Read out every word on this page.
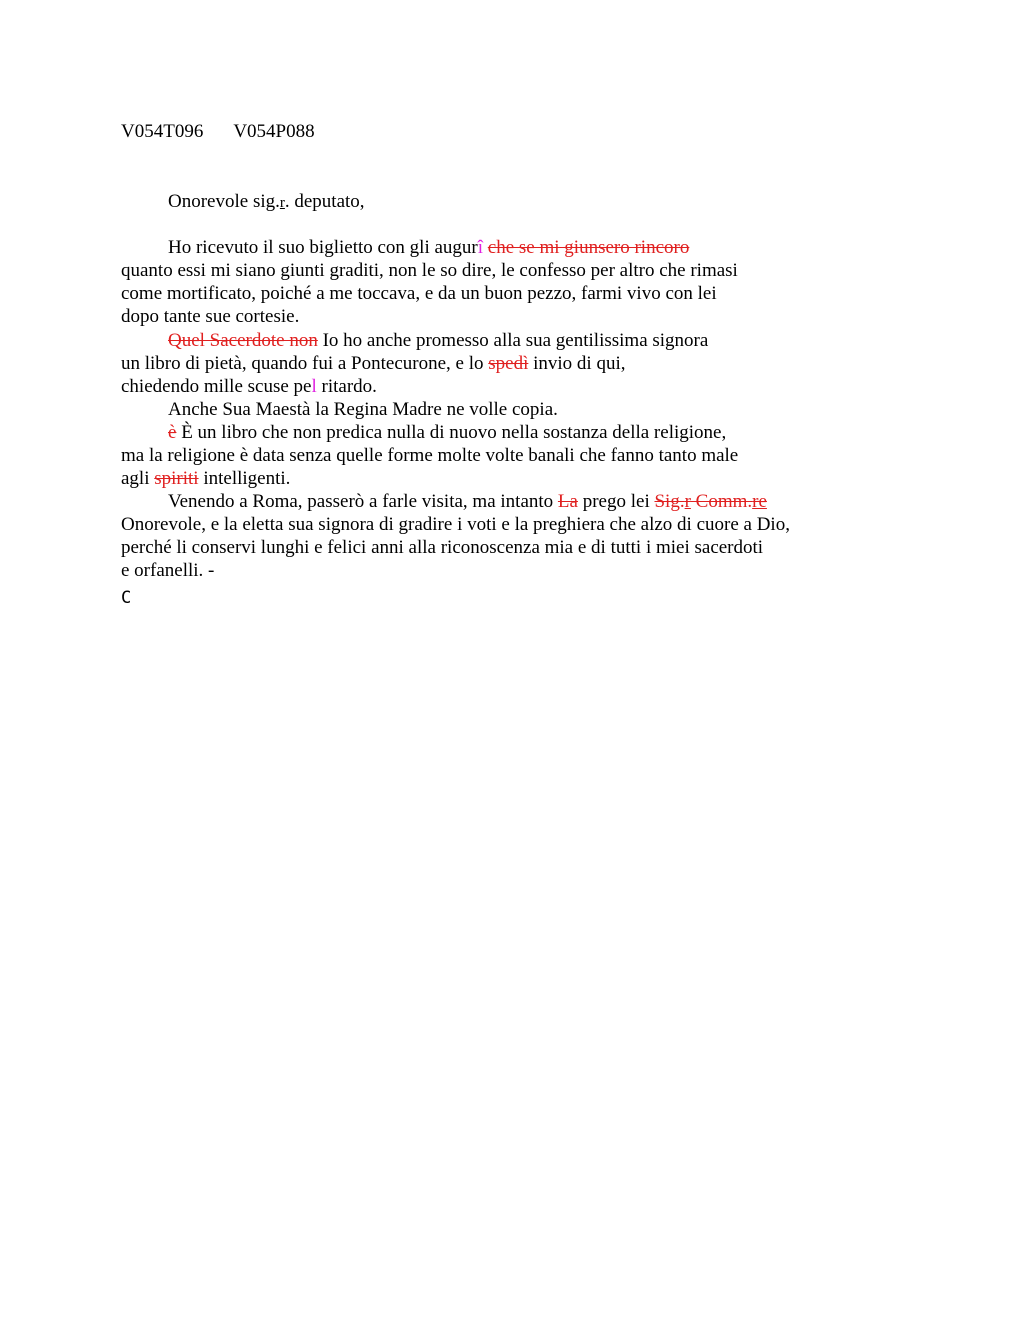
V054T096 V054P088
Onorevole sig.r. deputato,
Ho ricevuto il suo biglietto con gli augurî che se mi giunsero rincoro
quanto essi mi siano giunti graditi, non le so dire, le confesso per altro che rimasi
come mortificato, poiché a me toccava, e da un buon pezzo, farmi vivo con lei
dopo tante sue cortesie.
Quel Sacerdote non Io ho anche promesso alla sua gentilissima signora
un libro di pietà, quando fui a Pontecurone, e lo spedì invio di qui,
chiedendo mille scuse pel ritardo.
Anche Sua Maestà la Regina Madre ne volle copia.
è È un libro che non predica nulla di nuovo nella sostanza della religione,
ma la religione è data senza quelle forme molte volte banali che fanno tanto male
agli spiriti intelligenti.
Venendo a Roma, passerò a farle visita, ma intanto La prego lei Sig.r Comm.re
Onorevole, e la eletta sua signora di gradire i voti e la preghiera che alzo di cuore a Dio,
perché li conservi lunghi e felici anni alla riconoscenza mia e di tutti i miei sacerdoti
e orfanelli. -
C
